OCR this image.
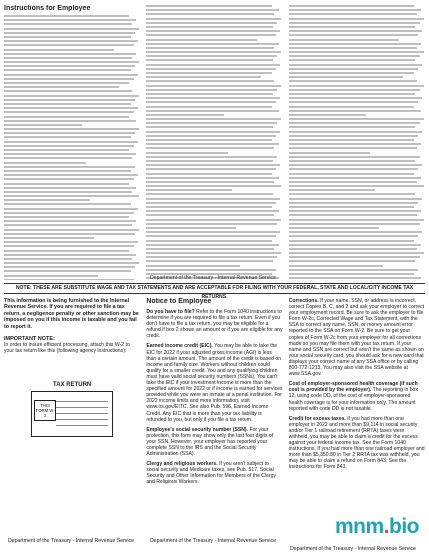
Instructions for Employee
Department of the Treasury - Internal Revenue Service
NOTE: THESE ARE SUBSTITUTE WAGE AND TAX STATEMENTS AND ARE ACCEPTABLE FOR FILING WITH YOUR FEDERAL, STATE AND LOCAL/CITY INCOME TAX RETURNS.
This information is being furnished to the Internal Revenue Service. If you are required to file a tax return, a negligence penalty or other sanction may be imposed on you if this income is taxable and you fail to report it.
IMPORTANT NOTE:
In order to insure efficient processing, attach this W-2 to your tax return like this (following agency instructions):
TAX RETURN
THIS FORM W-2
Notice to Employee

Do you have to file? Refer to the Form 1040 instructions to determine if you are required to file a tax return. Even if you don't have to file a tax return, you may be eligible for a refund if box 2 shows an amount or if you are eligible for any credit.

Earned income credit (EIC). You may be able to take the EIC for 2022 if your adjusted gross income (AGI) is less than a certain amount. The amount of the credit is based on income and family size. Workers without children could qualify for a smaller credit. You and any qualifying children must have valid social security numbers (SSNs). You can't take the EIC if your investment income is more than the specified amount for 2022 or if income is earned for services provided while you were an inmate at a penal institution. For 2022 income limits and more information, visit www.irs.gov/EITC. See also Pub. 596, Earned Income Credit. Any EIC that is more than your tax liability is refunded to you, but only if you file a tax return.

Employee's social security number (SSN). For your protection, this form may show only the last four digits of your SSN. However, your employer has reported your complete SSN to the IRS and the Social Security Administration (SSA).

Clergy and religious workers. If you aren't subject to social security and Medicare taxes, see Pub. 517, Social Security and Other Information for Members of the Clergy and Religious Workers.

Corrections. If your name, SSN, or address is incorrect, correct Copies B, C, and 2 and ask your employer to correct your employment record. Be sure to ask the employer to file Form W-2c, Corrected Wage and Tax Statement, with the SSA to correct any name, SSN, or money amount error reported to the SSA on Form W-2. Be sure to get your copies of Form W-2c from your employer for all corrections made so you may file them with your tax return. If your name and SSN are correct but aren't the same as shown on your social security card, you should ask for a new card that displays your correct name at any SSA office or by calling 800-772-1213. You may also visit the SSA website at www.SSA.gov.

Cost of employer-sponsored health coverage (if such cost is provided by the employer). The reporting in box 12, using code DD, of the cost of employer-sponsored health coverage is for your information only. The amount reported with code DD is not taxable.

Credit for excess taxes. If you had more than one employer in 2022 and more than $9,114 in social security and/or Tier 1 railroad retirement (RRTA) taxes were withheld, you may be able to claim a credit for the excess against your federal income tax. See the Form 1040 instructions. If you had more than one railroad employer and more than $5,350.80 in Tier 2 RRTA tax was withheld, you may be able to claim a refund on Form 843. See the Instructions for Form 843.

Department of the Treasury - Internal Revenue Service	Department of the Treasury - Internal Revenue Service
Department of the Treasury - Internal Revenue Service
mnm.bio
